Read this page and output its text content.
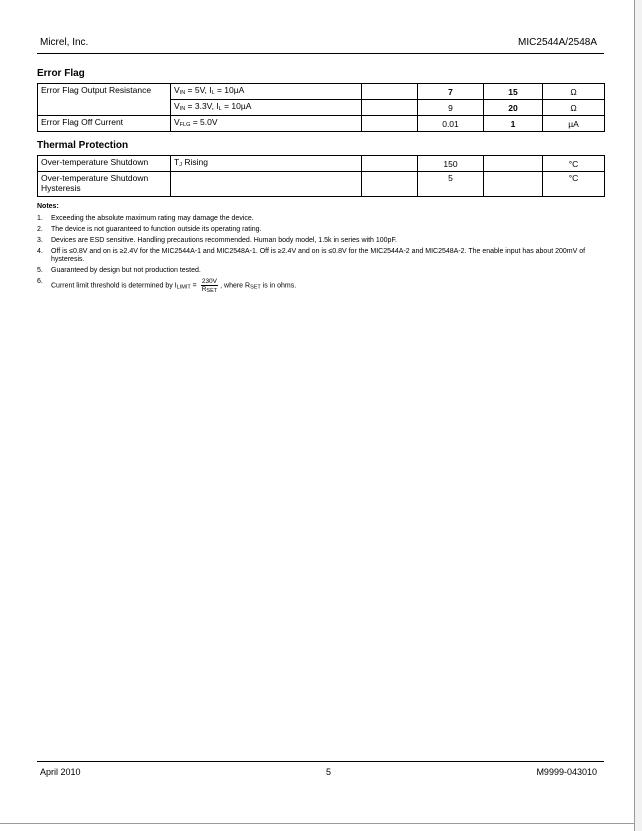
Micrel, Inc.	MIC2544A/2548A
Error Flag
Error Flag Output Resistance	$V_{IN} = 5V$, $I_L = 10\mu A$		7	15	Ω
	$V_{IN} = 3.3V$, $I_L = 10\mu A$		9	20	Ω
Error Flag Off Current	$V_{FLG} = 5.0V$		0.01	1	µA
Thermal Protection
Over-temperature Shutdown	$T_J$ Rising		150		°C
Over-temperature Shutdown Hysteresis			5		°C
Notes:
1. Exceeding the absolute maximum rating may damage the device.
2. The device is not guaranteed to function outside its operating rating.
3. Devices are ESD sensitive. Handling precautions recommended. Human body model, 1.5k in series with 100pF.
4. Off is ≤0.8V and on is ≥2.4V for the MIC2544A-1 and MIC2548A-1. Off is ≥2.4V and on is ≤0.8V for the MIC2544A-2 and MIC2548A-2. The enable input has about 200mV of hysteresis.
5. Guaranteed by design but not production tested.
6.
Current limit threshold is determined by $I_{LIMIT} = \frac{230V}{R_{SET}}$ , where $R_{SET}$ is in ohms.
April 2010	5	M9999-043010
